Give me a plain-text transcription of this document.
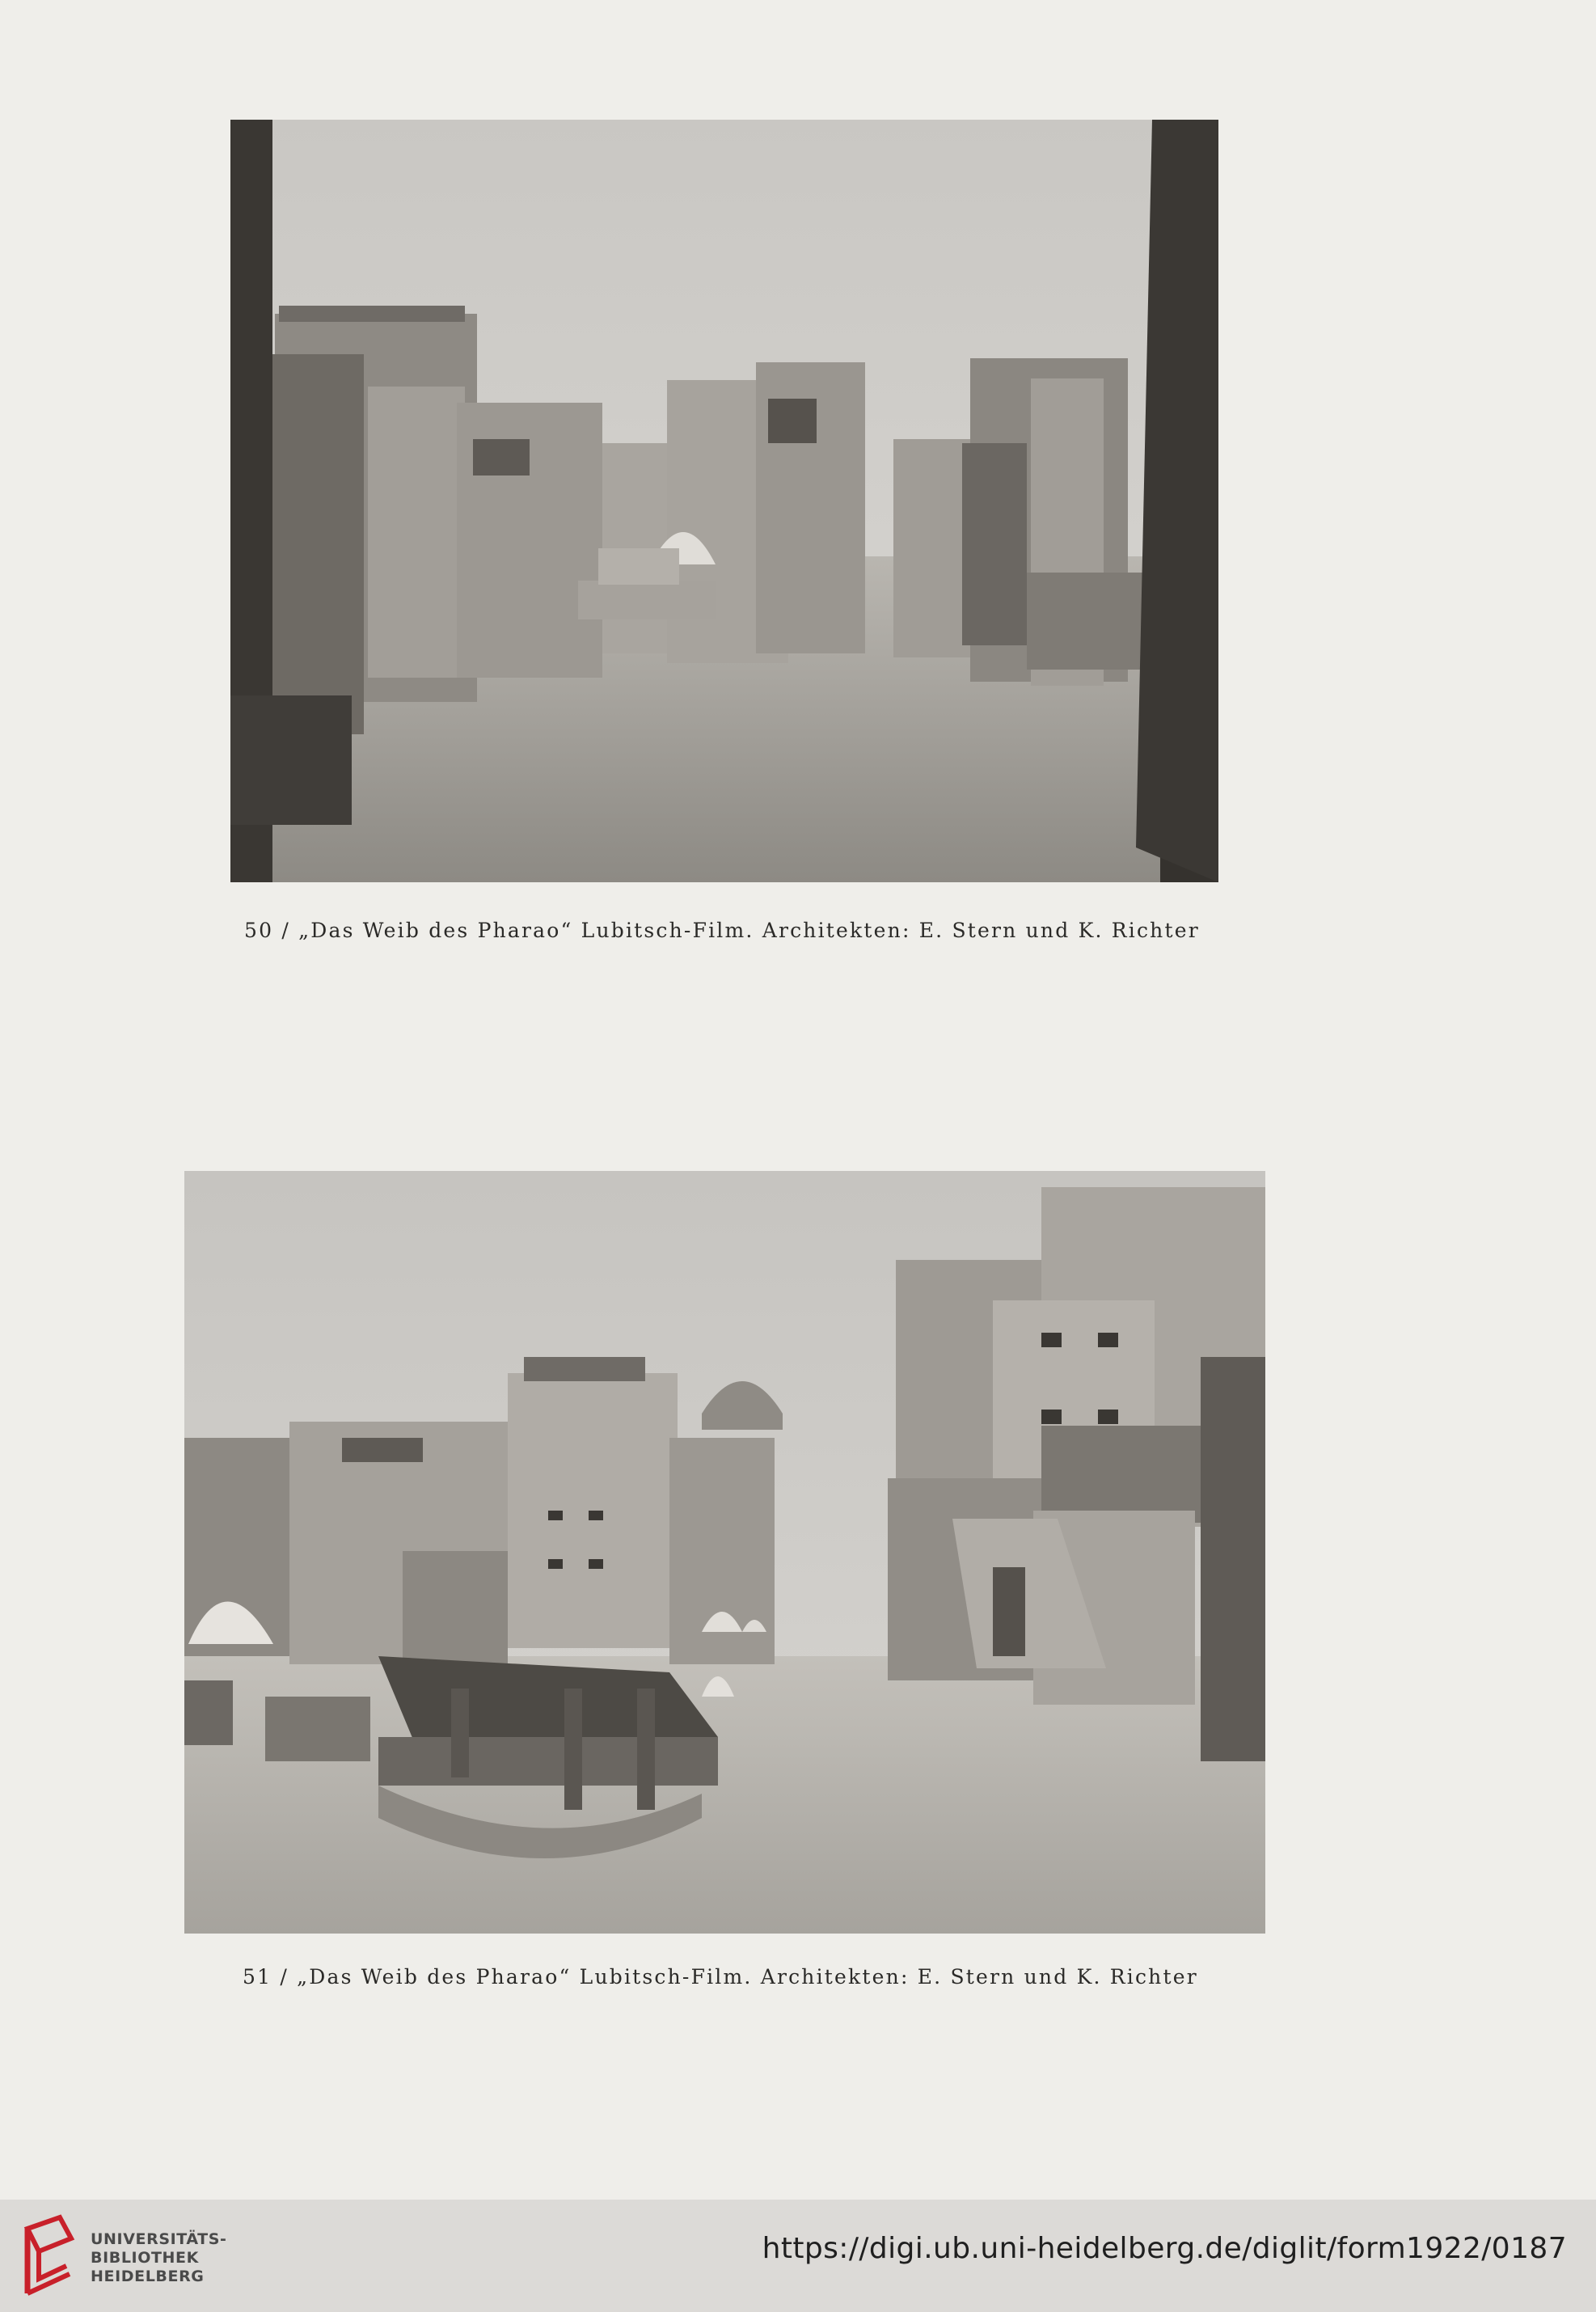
50 / „Das Weib des Pharao“ Lubitsch-Film. Architekten: E. Stern und K. Richter
51 / „Das Weib des Pharao“ Lubitsch-Film. Architekten: E. Stern und K. Richter
UNIVERSITÄTS-
BIBLIOTHEK
HEIDELBERG
https://digi.ub.uni-heidelberg.de/diglit/form1922/0187
